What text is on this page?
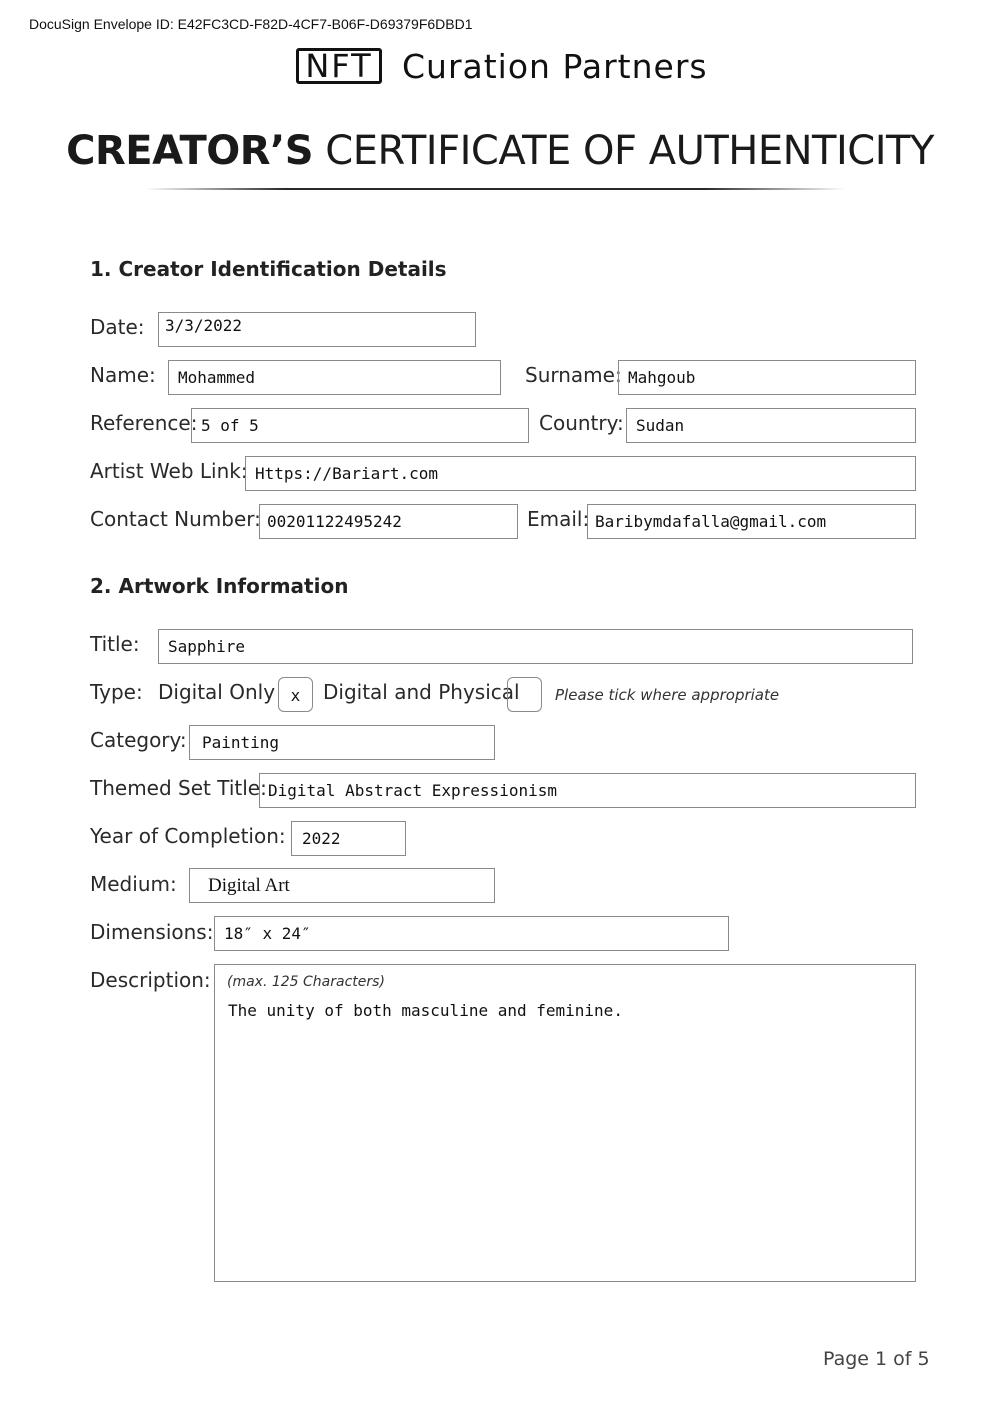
DocuSign Envelope ID: E42FC3CD-F82D-4CF7-B06F-D69379F6DBD1
NFT Curation Partners
CREATOR’S CERTIFICATE OF AUTHENTICITY
1. Creator Identification Details
Date:	3/3/2022
Name:	Mohammed	Surname: Mahgoub
Reference: 5 of 5	Country: Sudan
Artist Web Link: Https://Bariart.com
Contact Number: 00201122495242	Email: Baribymdafalla@gmail.com
2. Artwork Information
Title:	Sapphire
Type: Digital Only x	Digital and Physical Please tick where appropriate
Category: Painting
Themed Set Title: Digital Abstract Expressionism
Year of Completion:	2022
Medium:	Digital Art
Dimensions: 18″ x 24″
Description: (max. 125 Characters)
The unity of both masculine and feminine.
Page 1 of 5
